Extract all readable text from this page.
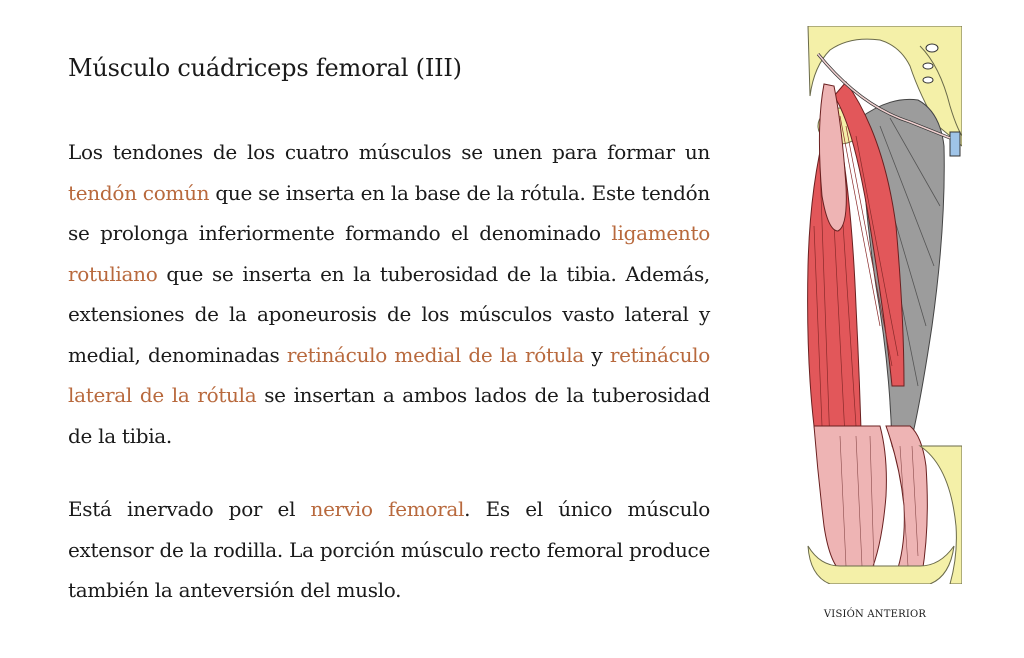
Músculo cuádriceps femoral (III)

Los tendones de los cuatro músculos se unen para formar un tendón común que se inserta en la base de la rótula. Este tendón se prolonga inferiormente formando el denominado ligamento rotuliano que se inserta en la tuberosidad de la tibia. Además, extensiones de la aponeurosis de los músculos vasto lateral y medial, denominadas retináculo medial de la rótula y retináculo lateral de la rótula se insertan a ambos lados de la tuberosidad de la tibia.

Está inervado por el nervio femoral. Es el único músculo extensor de la rodilla. La porción músculo recto femoral produce también la anteversión del muslo.

VISIÓN ANTERIOR
